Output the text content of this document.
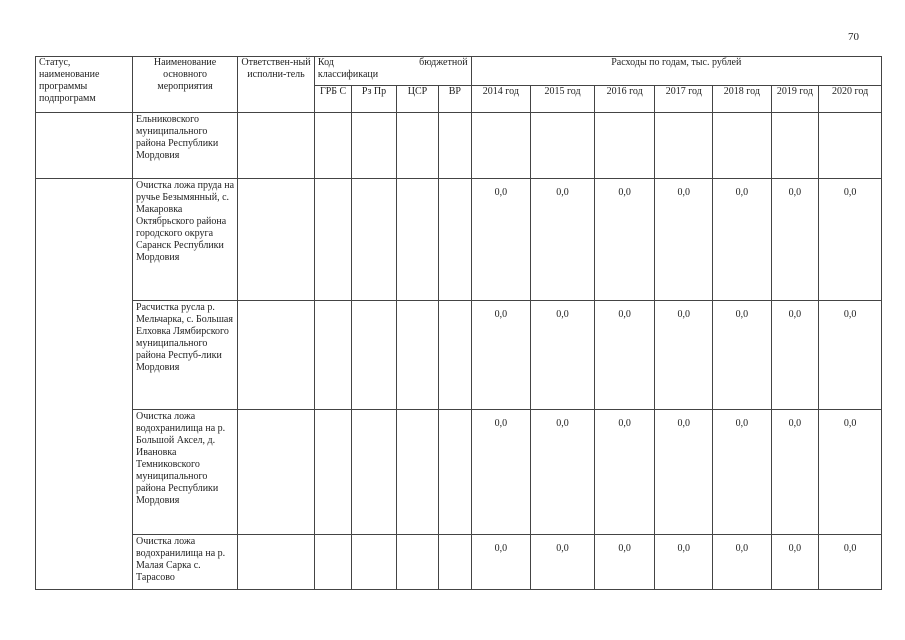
70
Статус, наименование программы подпрограмм	Наименование основного мероприятия	Ответствен-ный исполни-тель	Код бюджетной
классификаци				Расходы по годам, тыс. рублей						
			ГРБ С	Рз Пр	ЦСР	ВР	2014 год	2015 год	2016 год	2017 год	2018 год	2019 год	2020 год
	Ельниковского муниципального района Республики Мордовия												
	Очистка ложа пруда на ручье Безымянный, с. Макаровка Октябрьского района городского округа Саранск Республики Мордовия						0,0	0,0	0,0	0,0	0,0	0,0	0,0
	Расчистка русла р. Мельчарка, с. Большая Елховка Лямбирского муниципального района Респуб-лики Мордовия						0,0	0,0	0,0	0,0	0,0	0,0	0,0
	Очистка ложа водохранилища на р. Большой Аксел, д. Ивановка Темниковского муниципального района Республики Мордовия						0,0	0,0	0,0	0,0	0,0	0,0	0,0
	Очистка ложа водохранилища на р. Малая Сарка с. Тарасово						0,0	0,0	0,0	0,0	0,0	0,0	0,0
